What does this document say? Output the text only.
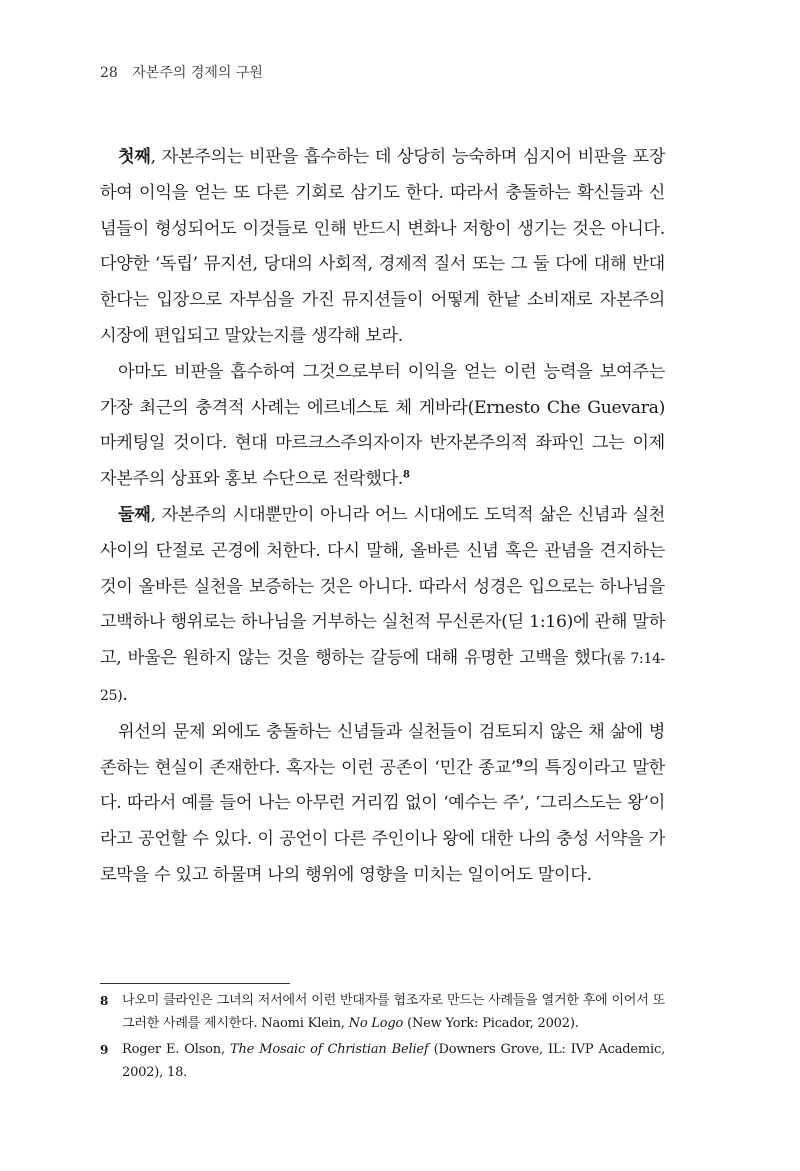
28 자본주의 경제의 구원

첫째, 자본주의는 비판을 흡수하는 데 상당히 능숙하며 심지어 비판을 포장하여 이익을 얻는 또 다른 기회로 삼기도 한다. 따라서 충돌하는 확신들과 신념들이 형성되어도 이것들로 인해 반드시 변화나 저항이 생기는 것은 아니다. 다양한 ‘독립’ 뮤지션, 당대의 사회적, 경제적 질서 또는 그 둘 다에 대해 반대한다는 입장으로 자부심을 가진 뮤지션들이 어떻게 한낱 소비재로 자본주의 시장에 편입되고 말았는지를 생각해 보라.

아마도 비판을 흡수하여 그것으로부터 이익을 얻는 이런 능력을 보여주는 가장 최근의 충격적 사례는 에르네스토 체 게바라(Ernesto Che Guevara) 마케팅일 것이다. 현대 마르크스주의자이자 반자본주의적 좌파인 그는 이제 자본주의 상표와 홍보 수단으로 전락했다.$^8$

둘째, 자본주의 시대뿐만이 아니라 어느 시대에도 도덕적 삶은 신념과 실천 사이의 단절로 곤경에 처한다. 다시 말해, 올바른 신념 혹은 관념을 견지하는 것이 올바른 실천을 보증하는 것은 아니다. 따라서 성경은 입으로는 하나님을 고백하나 행위로는 하나님을 거부하는 실천적 무신론자(딛 1:16)에 관해 말하고, 바울은 원하지 않는 것을 행하는 갈등에 대해 유명한 고백을 했다(롬 7:14-25).

위선의 문제 외에도 충돌하는 신념들과 실천들이 검토되지 않은 채 삶에 병존하는 현실이 존재한다. 혹자는 이런 공존이 ‘민간 종교’$^9$의 특징이라고 말한다. 따라서 예를 들어 나는 아무런 거리낌 없이 ‘예수는 주’, ‘그리스도는 왕’이라고 공언할 수 있다. 이 공언이 다른 주인이나 왕에 대한 나의 충성 서약을 가로막을 수 있고 하물며 나의 행위에 영향을 미치는 일이어도 말이다.

8 나오미 클라인은 그녀의 저서에서 이런 반대자를 협조자로 만드는 사례들을 열거한 후에 이어서 또 그러한 사례를 제시한다. Naomi Klein, No Logo (New York: Picador, 2002).

9 Roger E. Olson, The Mosaic of Christian Belief (Downers Grove, IL: IVP Academic, 2002), 18.
